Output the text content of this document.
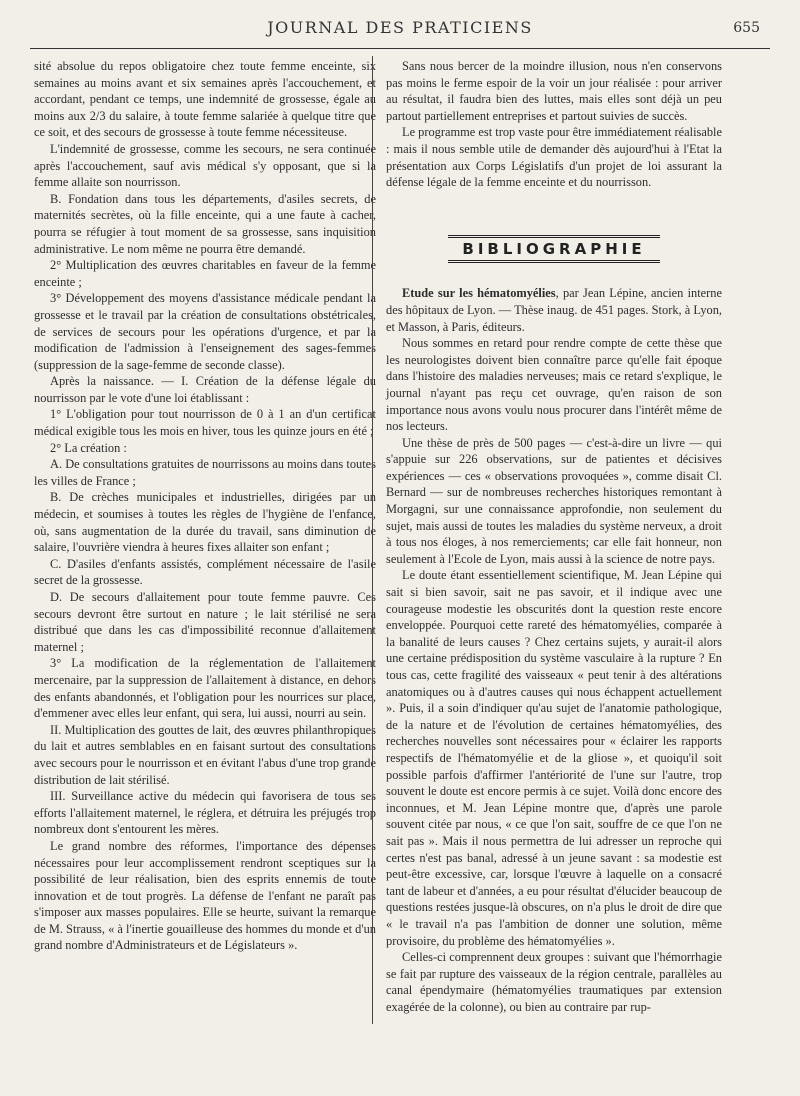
JOURNAL DES PRATICIENS	655

sité absolue du repos obligatoire chez toute femme enceinte, six semaines au moins avant et six semaines après l'accouchement, et accordant, pendant ce temps, une indemnité de grossesse, égale au moins aux 2/3 du salaire, à toute femme salariée à quelque titre que ce soit, et des secours de grossesse à toute femme nécessiteuse.

L'indemnité de grossesse, comme les secours, ne sera continuée après l'accouchement, sauf avis médical s'y opposant, que si la femme allaite son nourrisson.

B. Fondation dans tous les départements, d'asiles secrets, de maternités secrètes, où la fille enceinte, qui a une faute à cacher, pourra se réfugier à tout moment de sa grossesse, sans inquisition administrative. Le nom même ne pourra être demandé.

2° Multiplication des œuvres charitables en faveur de la femme enceinte ;

3° Développement des moyens d'assistance médicale pendant la grossesse et le travail par la création de consultations obstétricales, de services de secours pour les opérations d'urgence, et par la modification de l'admission à l'enseignement des sages-femmes (suppression de la sage-femme de seconde classe).

Après la naissance. — I. Création de la défense légale du nourrisson par le vote d'une loi établissant :

1° L'obligation pour tout nourrisson de 0 à 1 an d'un certificat médical exigible tous les mois en hiver, tous les quinze jours en été ;

2° La création :

A. De consultations gratuites de nourrissons au moins dans toutes les villes de France ;

B. De crèches municipales et industrielles, dirigées par un médecin, et soumises à toutes les règles de l'hygiène de l'enfance, où, sans augmentation de la durée du travail, sans diminution de salaire, l'ouvrière viendra à heures fixes allaiter son enfant ;

C. D'asiles d'enfants assistés, complément nécessaire de l'asile secret de la grossesse.

D. De secours d'allaitement pour toute femme pauvre. Ces secours devront être surtout en nature ; le lait stérilisé ne sera distribué que dans les cas d'impossibilité reconnue d'allaitement maternel ;

3° La modification de la réglementation de l'allaitement mercenaire, par la suppression de l'allaitement à distance, en dehors des enfants abandonnés, et l'obligation pour les nourrices sur place, d'emmener avec elles leur enfant, qui sera, lui aussi, nourri au sein.

II. Multiplication des gouttes de lait, des œuvres philanthropiques du lait et autres semblables en en faisant surtout des consultations avec secours pour le nourrisson et en évitant l'abus d'une trop grande distribution de lait stérilisé.

III. Surveillance active du médecin qui favorisera de tous ses efforts l'allaitement maternel, le réglera, et détruira les préjugés trop nombreux dont s'entourent les mères.

Le grand nombre des réformes, l'importance des dépenses nécessaires pour leur accomplissement rendront sceptiques sur la possibilité de leur réalisation, bien des esprits ennemis de toute innovation et de tout progrès. La défense de l'enfant ne paraît pas s'imposer aux masses populaires. Elle se heurte, suivant la remarque de M. Strauss, « à l'inertie gouailleuse des hommes du monde et d'un grand nombre d'Administrateurs et de Législateurs ».

Sans nous bercer de la moindre illusion, nous n'en conservons pas moins le ferme espoir de la voir un jour réalisée : pour arriver au résultat, il faudra bien des luttes, mais elles sont déjà un peu partout partiellement entreprises et partout suivies de succès.

Le programme est trop vaste pour être immédiatement réalisable : mais il nous semble utile de demander dès aujourd'hui à l'Etat la présentation aux Corps Législatifs d'un projet de loi assurant la défense légale de la femme enceinte et du nourrisson.

BIBLIOGRAPHIE

Etude sur les hématomyélies, par Jean Lépine, ancien interne des hôpitaux de Lyon. — Thèse inaug. de 451 pages. Stork, à Lyon, et Masson, à Paris, éditeurs.

Nous sommes en retard pour rendre compte de cette thèse que les neurologistes doivent bien connaître parce qu'elle fait époque dans l'histoire des maladies nerveuses; mais ce retard s'explique, le journal n'ayant pas reçu cet ouvrage, qu'en raison de son importance nous avons voulu nous procurer dans l'intérêt même de nos lecteurs.

Une thèse de près de 500 pages — c'est-à-dire un livre — qui s'appuie sur 226 observations, sur de patientes et décisives expériences — ces « observations provoquées », comme disait Cl. Bernard — sur de nombreuses recherches historiques remontant à Morgagni, sur une connaissance approfondie, non seulement du sujet, mais aussi de toutes les maladies du système nerveux, a droit à tous nos éloges, à nos remerciements; car elle fait honneur, non seulement à l'Ecole de Lyon, mais aussi à la science de notre pays.

Le doute étant essentiellement scientifique, M. Jean Lépine qui sait si bien savoir, sait ne pas savoir, et il indique avec une courageuse modestie les obscurités dont la question reste encore enveloppée. Pourquoi cette rareté des hématomyélies, comparée à la banalité de leurs causes ? Chez certains sujets, y aurait-il alors une certaine prédisposition du système vasculaire à la rupture ? En tous cas, cette fragilité des vaisseaux « peut tenir à des altérations anatomiques ou à d'autres causes qui nous échappent actuellement ». Puis, il a soin d'indiquer qu'au sujet de l'anatomie pathologique, de la nature et de l'évolution de certaines hématomyélies, des recherches nouvelles sont nécessaires pour « éclairer les rapports respectifs de l'hématomyélie et de la gliose », et quoiqu'il soit possible parfois d'affirmer l'antériorité de l'une sur l'autre, trop souvent le doute est encore permis à ce sujet. Voilà donc encore des inconnues, et M. Jean Lépine montre que, d'après une parole souvent citée par nous, « ce que l'on sait, souffre de ce que l'on ne sait pas ». Mais il nous permettra de lui adresser un reproche qui certes n'est pas banal, adressé à un jeune savant : sa modestie est peut-être excessive, car, lorsque l'œuvre à laquelle on a consacré tant de labeur et d'années, a eu pour résultat d'élucider beaucoup de questions restées jusque-là obscures, on n'a plus le droit de dire que « le travail n'a pas l'ambition de donner une solution, même provisoire, du problème des hématomyélies ».

Celles-ci comprennent deux groupes : suivant que l'hémorrhagie se fait par rupture des vaisseaux de la région centrale, parallèles au canal épendymaire (hématomyélies traumatiques par extension exagérée de la colonne), ou bien au contraire par rup-
